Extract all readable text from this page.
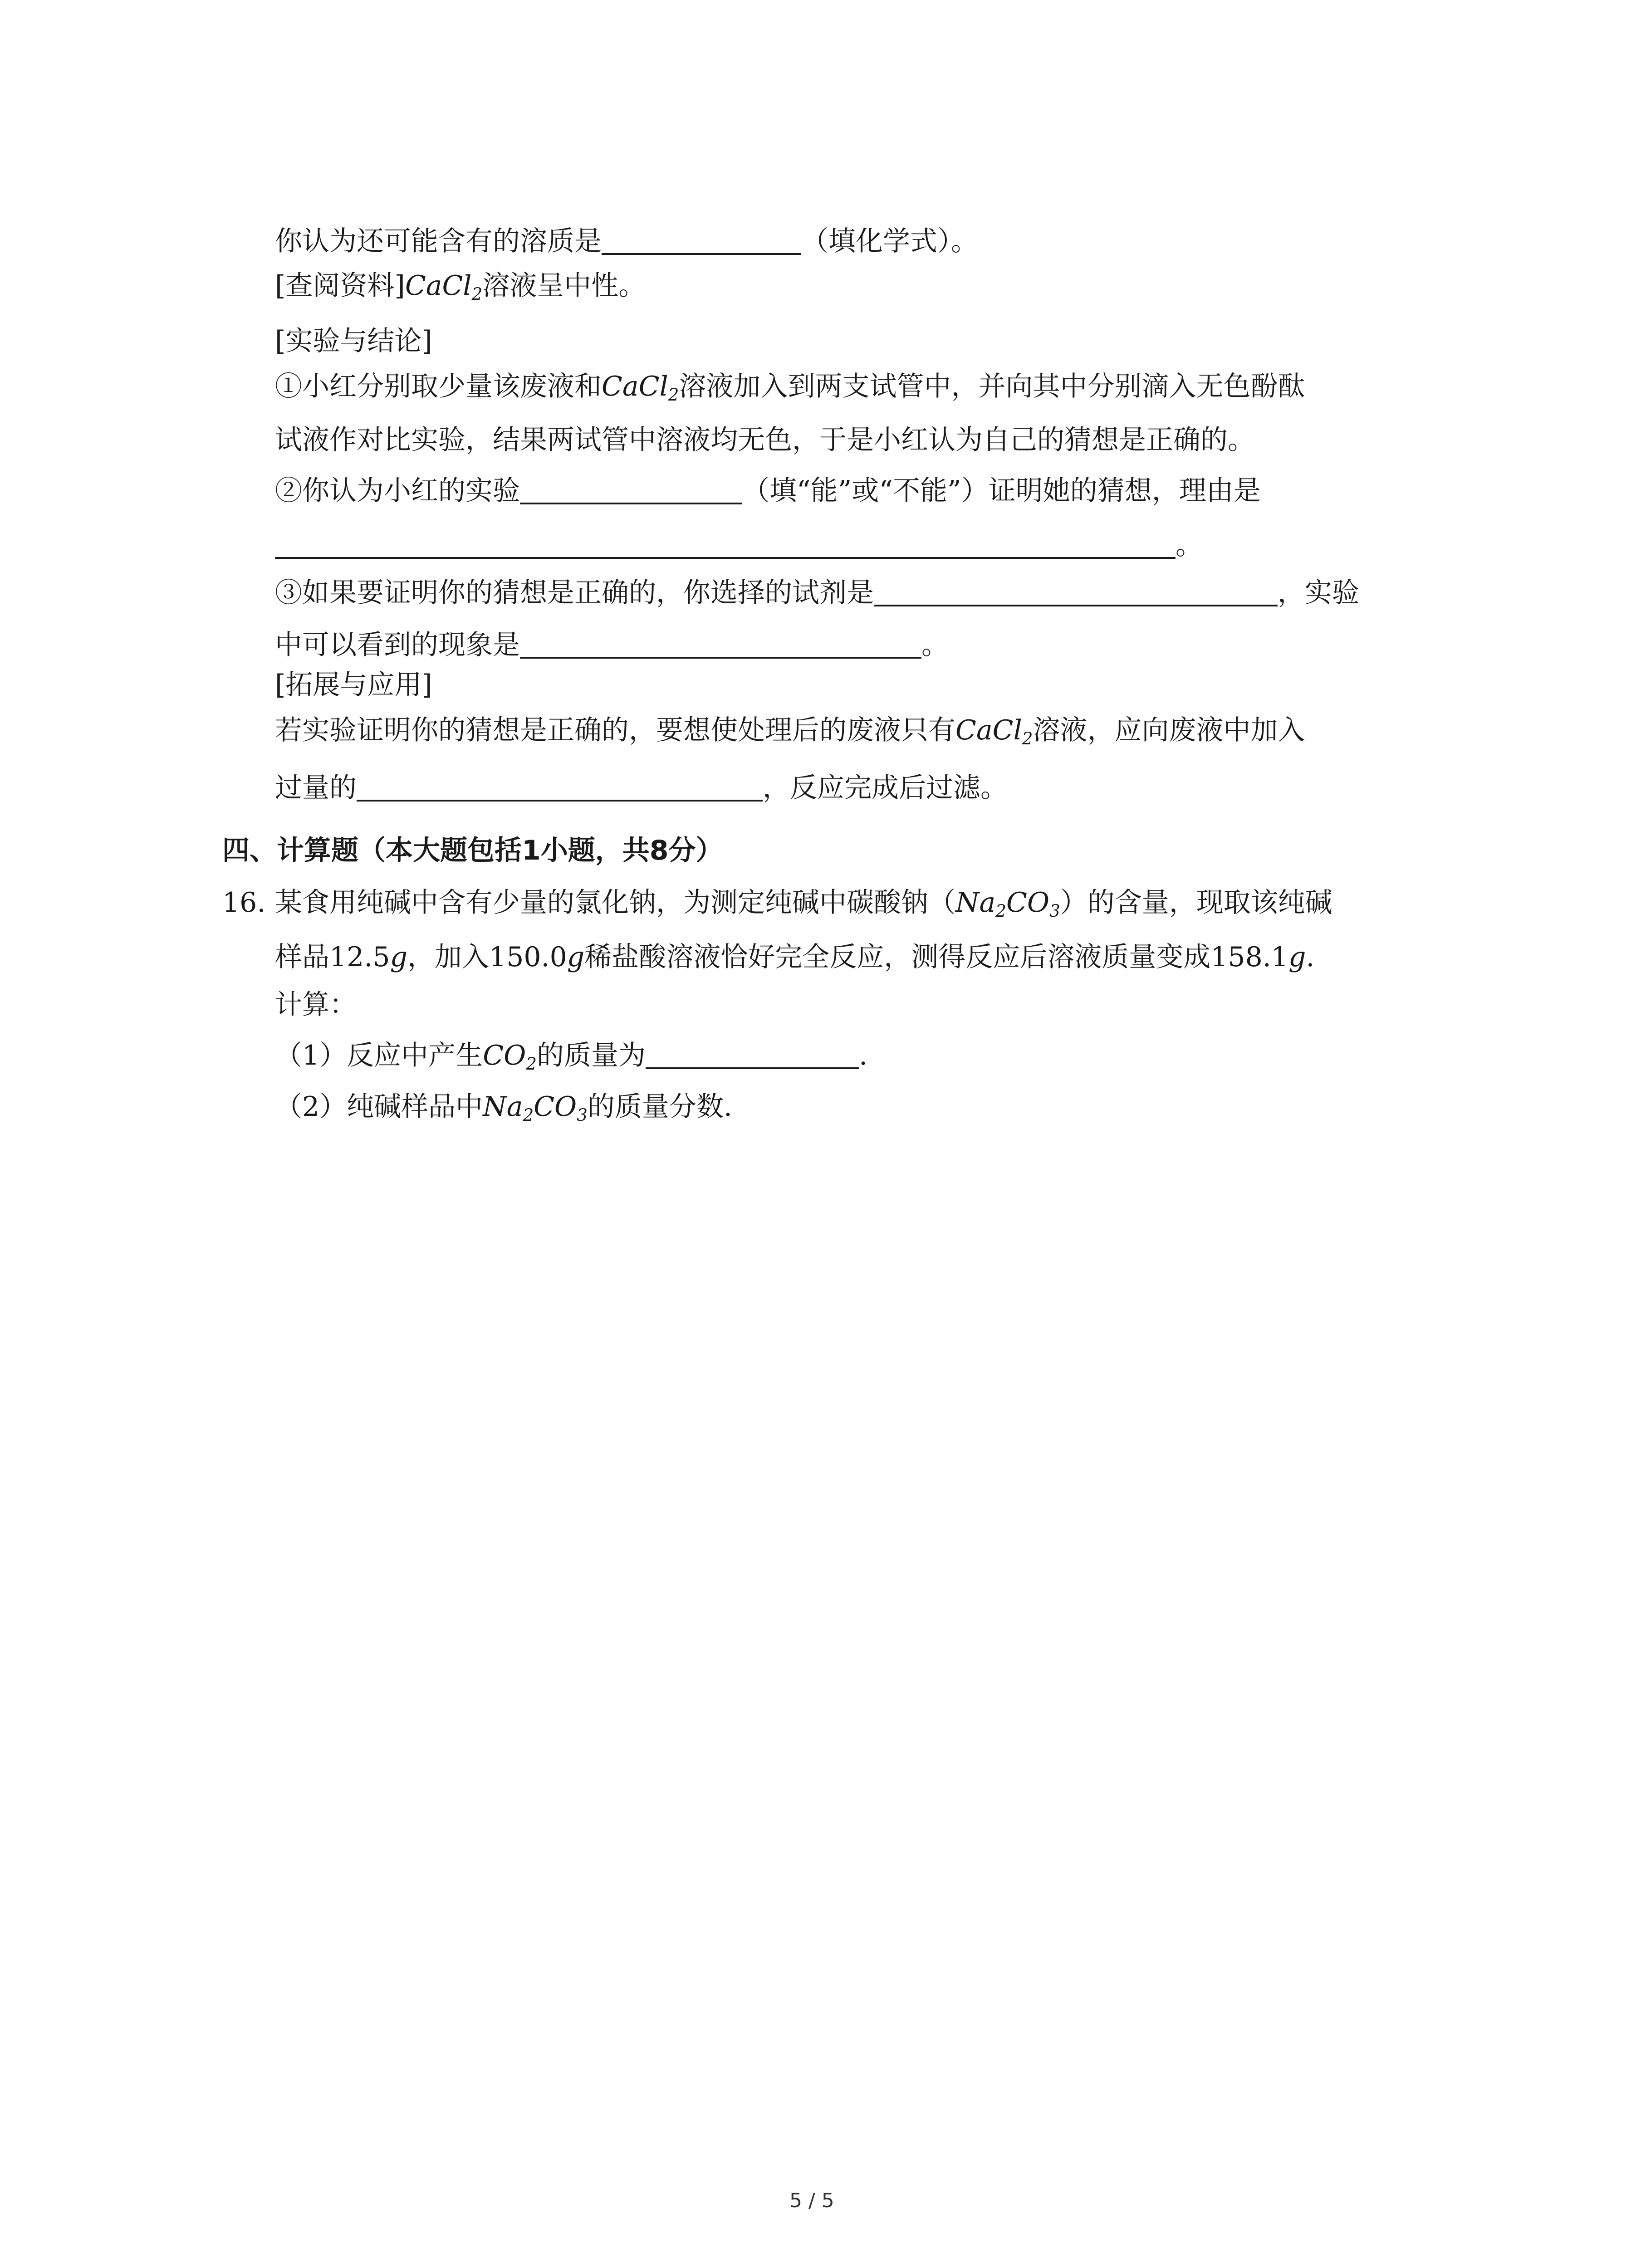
你认为还可能含有的溶质是	（填化学式）。
[查阅资料]CaCl$_2$溶液呈中性。
[实验与结论]
①小红分别取少量该废液和CaCl$_2$溶液加入到两支试管中，并向其中分别滴入无色酚酞
试液作对比实验，结果两试管中溶液均无色，于是小红认为自己的猜想是正确的。
②你认为小红的实验	（填“能”或“不能”）证明她的猜想，理由是
。
③如果要证明你的猜想是正确的，你选择的试剂是	，实验
中可以看到的现象是	。
[拓展与应用]
若实验证明你的猜想是正确的，要想使处理后的废液只有CaCl$_2$溶液，应向废液中加入
过量的	，反应完成后过滤。
四、计算题（本大题包括1小题，共8分）
16. 某食用纯碱中含有少量的氯化钠，为测定纯碱中碳酸钠$(Na_2CO_3)$的含量，现取该纯碱
样品12.5g，加入150.0g稀盐酸溶液恰好完全反应，测得反应后溶液质量变成158.1g.
计算：
（1）反应中产生$CO_2$的质量为	.
（2）纯碱样品中$Na_2CO_3$的质量分数.
5 / 5
